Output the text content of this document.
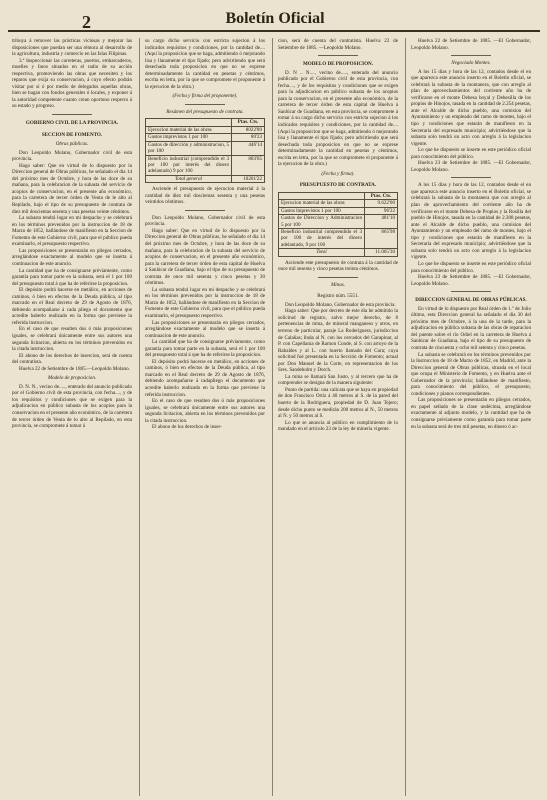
2	Boletín Oficial

tribuya á remover las prácticas viciosas y mejorar las disposiciones que puedan ser una rémora al desarrollo de la agricultura, industria y comercio en las Islas Filipinas.

3.ª Inspeccionar las carreteras, puertos, embarcaderos, muelles y faros situados en el radio de su acción respectiva, promoviendo las obras que necesiten y los reparos que exija su conservacion, á cuyo efecto podrán visitar por sí ó por medio de delegados aquellas obras, bien se hagan con fondos generales ó locales, y exponer á la autoridad competente cuanto crean oportuno respecto á su estado y progreso.

GOBIERNO CIVIL DE LA PROVINCIA.

SECCION DE FOMENTO.

Obras públicas.

Don Leopoldo Molano, Gobernador civil de esta provincia.

Hago saber: Que en virtud de lo dispuesto por la Direccion general de Obras públicas, he señalado el dia 14 del próximo mes de Octubre, y hora de las doce de su mañana, para la celebracion de la subasta del servicio de acopios de conservacion, en el presente año económico, para la carretera de tercer órden de Venta de le alto al Repilado, bajo el tipo de su presupuesto de contrata de diez mil doscientas sesenta y una pesetas veinte céntimos.

La subasta tendrá lugar en mi despacho y se celebrará en los términos prevenidos por la instruccion de 18 de Marzo de 1852, hallándose de manifiesto en la Seccion de Fomento de este Gobierno civil, para que el público pueda examinarlo, el presupuesto respectivo.

Las proposiciones se presentarán en pliegos cerrados, arreglándose exactamente al modelo que se inserta á continuacion de este anuncio.

La cantidad que ha de consignarse préviamente, como garantía para tomar parte en la subasta, será el 1 por 100 del presupuesto total á que ha de referirse la proposicion.

El depósito podrá hacerse en metálico, en acciones de caminos, ó bien en efectos de la Deuda pública, al tipo marcado en el Real decreto de 29 de Agosto de 1876, debiendo acompañarse á cada pliego el documento que acredite haberlo realizado en la forma que previene la referida instruccion.

En el caso de que resulten dos ó más proposiciones iguales, se celebrará únicamente entre sus autores una segunda licitacion, abierta en los términos prevenidos en la citada instruccion.

El abono de los derechos de insercion, será de cuenta del contratista.

Huelva 22 de Setiembre de 1885.—Leopoldo Molano.

Modelo de proposicion.

D. N. N., vecino de....., enterado del anuncio publicado por el Gobierno civil de esta provincia, con fecha...., y de los requisitos y condiciones que se exigen para la adjudicacion en público subasta de los acopios para la conservacion en el presente año económico, de la carretera de tercer órden de Venta de lo alto al Repilado, en esta provincia, se compromete á tomar á

su cargo dicho servicio con estricta sujecion á los indicados requisitos y condiciones, por la cantidad de.... (Aquí la proposicion que se haga, admitiendo ó mejorando lisa y llanamente el tipo fijado; pero advirtiendo que será desechada toda proposicion en que no se exprese determinadamente la cantidad en pesetas y céntimos, escrita en letra, por la que se compromete el proponente á la ejecucion de la obra.)

(Fecha y firma del proponente).

Resúmen del presupuesto de contrata.

	Ptas. Cts.
Ejecucion material de las obras	8022'80
Gastos imprevistos 1 por 100	80'23
Gastos de dirección y administracion, 5 por 100	446'14
Beneficio industrial (comprendido el 3 por 100 por interés del dinero adelantado) 9 por 100	803'05
Total general	10261'22

Asciende el presupuesto de ejecucion material á la cantidad de diez mil doscientas sesenta y una pesetas veintidos céntimos.

Don Leopoldo Molano, Gobernador civil de esta provincia.

Hago saber: Que en virtud de lo dispuesto por la Direccion general de Obras públicas, he señalado el dia 14 del próximo mes de Octubre, y hora de las doce de su mañana, para la celebracion de la subasta del servicio de acopios de conservacion, en el presente año económico, para la carretera de tercer órden de esta capital de Huelva á Sanlúcar de Guadiana, bajo el tipo de su presupuesto de contrata de once mil sesenta y cinco pesetas y 30 céntimos.

La subasta tendrá lugar en mi despacho y se celebrará en los términos prevenidos por la instruccion de 18 de Marzo de 1852, hallándose de manifiesto en la Seccion de Fomento de este Gobierno civil, para que el público pueda examinarlo, el presupuesto respectivo.

Las proposiciones se presentarán en pliegos cerrados, arreglándose exactamente al modelo que se inserta á continuacion de este anuncio.

La cantidad que ha de consignarse préviamente, como garantía para tomar parte en la subasta, será el 1 por 100 del presupuesto total á que ha de referirse la proposicion.

El depósito podrá hacerse en metálico, en acciones de caminos, ó bien en efectos de la Deuda pública, al tipo marcado en el Real decreto de 29 de Agosto de 1876, debiendo acompañarse á cadapliego el documento que acredite haberlo realizado en la forma que previene la referida instruccion.

En el caso de que resulten dos ó más proposiciones iguales, se celebrará únicamente entre sus autores una segunda licitacion, abierta en los términos prevenidos por la citada instruccion.

El abono de los derechos de inser-

cion, será de cuenta del contratista. Huelva 22 de Setiembre de 1885. —Leopoldo Molano.

MODELO DE PROPOSICION.

D. N .. N...., vecino de....., enterado del anuncio publicado por el Gobierno civil de esta provincia, con fecha...., y de los requisitos y condiciones que se exigen para la adjudicacion en público subasta de los acopios para la conservacion, en el presente año económico, de la carretera de tercer órden de esta capital de Huelva á Sanlúcar de Guadiana, en esta provincia, se compromete á tomar á su cargo dicho servicio con estricta sujecion á los indicados requisitos y condiciones, por la cantidad de.... (Aquí la proposicion que se haga, admitiendo ó mejorando lisa y llanamente el tipo fijado; pero advirtiendo que será desechada toda proposicion en que no se exprese determinadamente la cantidad en pesetas y céntimos, escrita en letra, por la que se compromete el proponente á la ejecucion de la obra.)

(Fecha y firma).

PRESUPUESTO DE CONTRATA.

	Ptas. Cts.
Ejecucion material de las obras	9.622'00
Gastos imprevistos 1 por 100	96'22
Gastos de Direccion y Administracion 5 por 100	481'10
Beneficio industrial comprendido el 3 por 100 de interés del dinero adelantado, 9 por 100	865'98
Total	11.065'30

Asciende este presupuesto de contrata á la cantidad de once mil sesenta y cinco pesetas treinta céntimos.

Minas.

Registro núm. 5551.

Don Leopoldo Molano, Gobernador de esta provincia.

Hago saber: Que por decreto de este dia he admitido la solicitud de registro, salvo mejor derecho, de 8 pertenencias de mina, de mineral manganeso y otros, en terreno de particular, paraje La Roderiguera, jurisdiccion de Calañas; linda al N. con los cercados del Garapinar, al P. con Capellania de Ramon Conde, al S. con arroyo de la Rabaldes y al L. con huerto llamado del Cura; cuya solicitud fué presentada en la Sección de Fomento; actual por Don Manuel de la Corte, en representacion de los Sres. Sandeholm y Dorch.

La mina se llamará San Justo, y al tercero que ha de comprender se designa de la manera siguiente:

Punto de partida: una calicata que se haya en propiedad de don Francisco Ortiz á 40 metros al S. de la pared del huerto de la Rodriguera, propiedad de D. Juan Tejero; desde dicho punto se medirán 200 metros al N., 50 metros al N. y 50 metros al S.

Lo que se anuncia al público en cumplimiento de lo mandado en el artículo 23 de la ley de minería vigente.

Huelva 22 de Setiembre de 1885. —El Gobernador, Leopoldo Molano.

Negociado Montes.

A los 15 dias y hora de las 12, contados desde el en que aparezca este anuncio inserto en el Boletin oficial, se celebrará la subasta de la montanera, que con arreglo al plan de aprovechamientos del corriente año ha de verificarse en el monte Dehesa boyal y Dehesilla de los propios de Hinojos, tasada en la cantidad de 2.254 pesetas, ante el Alcalde de dicho pueblo, una comision del Ayuntamiento y un empleado del ramo de montes, bajo el tipo y condiciones que estarán de manifiesto en la Secretaría del expresado municipio; advirtiéndose que la subasta solo tendrá un acto con arreglo á la legislacion vigente.

Lo que he dispuesto se inserte en este periódico oficial para conocimiento del público.

Huelva 23 de Setiembre de 1885. —El Gobernador, Leopoldo Molano.

A los 15 dias y hora de las 12, contados desde el en que aparezca este anuncio inserto en el Boletin oficial, se celebrará la subasta de la montanera que con arreglo al plan de aprovechamiento del corriente año ha de verificarse en el monte Dehesa de Propios y la Rosilla del pueblo de Hinojos, tasada en la cantidad de 2.308 pesetas, ante el Alcalde de dicho pueblo, una comision del Ayuntamiento y un empleado del ramo de montes, bajo el tipo y condiciones que estarán de manifiesto en la Secretaría del expresado municipio; advirtiéndose que la subasta solo tendrá un acto con arreglo á la legislacion vigente.

Lo que he dispuesto se inserte en este periódico oficial para conocimiento del público.

Huelva 23 de Setiembre de 1885. —El Gobernador, Leopoldo Molano.

DIRECCION GENERAL DE OBRAS PÚBLICAS.

En virtud de lo dispuesto por Real órden de 1.º de Julio último, esta Direccion general ha señalado el dia 30 del próximo mes de Octubre, á la una de la tarde, para la adjudicacion en pública subasta de las obras de reparacion del puente sobre el rio Odiel en la carretera de Huelva á Sanlúcar de Guadiana, bajo el tipo de su presupuesto de contrata de cincuenta y ocho mil setenta y cinco pesetas.

La subasta se celebrará en los términos prevenidos por la Instruccion de 18 de Marzo de 1852, en Madrid, ante la Direccion general de Obras públicas, situada en el local que ocupa el Ministerio de Fomento, y en Huelva ante el Gobernador de la provincia; hallándose de manifiesto, para conocimiento del público, el presupuesto, condiciones y planos correspondientes.

Las proposiciones se presentarán en pliegos cerrados, en papel sellado de la clase undécima, arreglándose exactamente al adjunto modelo, y la cantidad que ha de consignarse préviamente como garantía para tomar parte en la subasta será de tres mil pesetas, en dinero ó ac-
